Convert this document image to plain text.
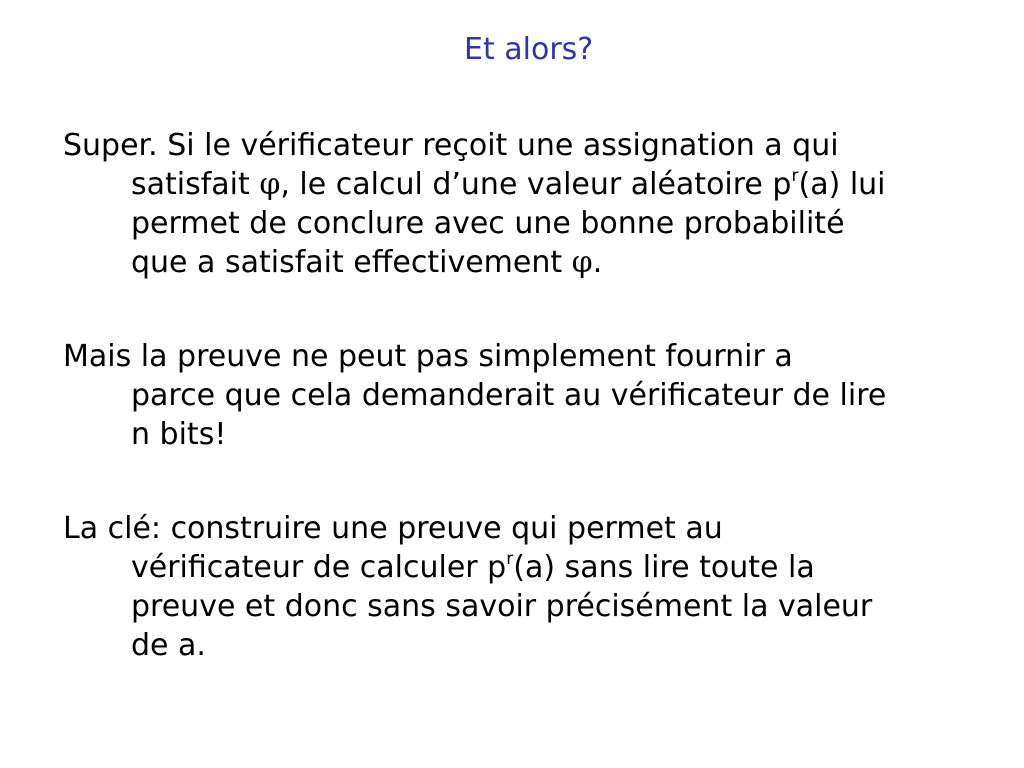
Et alors?
Super. Si le vérificateur reçoit une assignation a qui
satisfait φ, le calcul d’une valeur aléatoire $p^r(a)$ lui
permet de conclure avec une bonne probabilité
que a satisfait effectivement φ.
Mais la preuve ne peut pas simplement fournir a
parce que cela demanderait au vérificateur de lire
n bits!
La clé: construire une preuve qui permet au
vérificateur de calculer $p^r(a)$ sans lire toute la
preuve et donc sans savoir précisément la valeur
de a.
